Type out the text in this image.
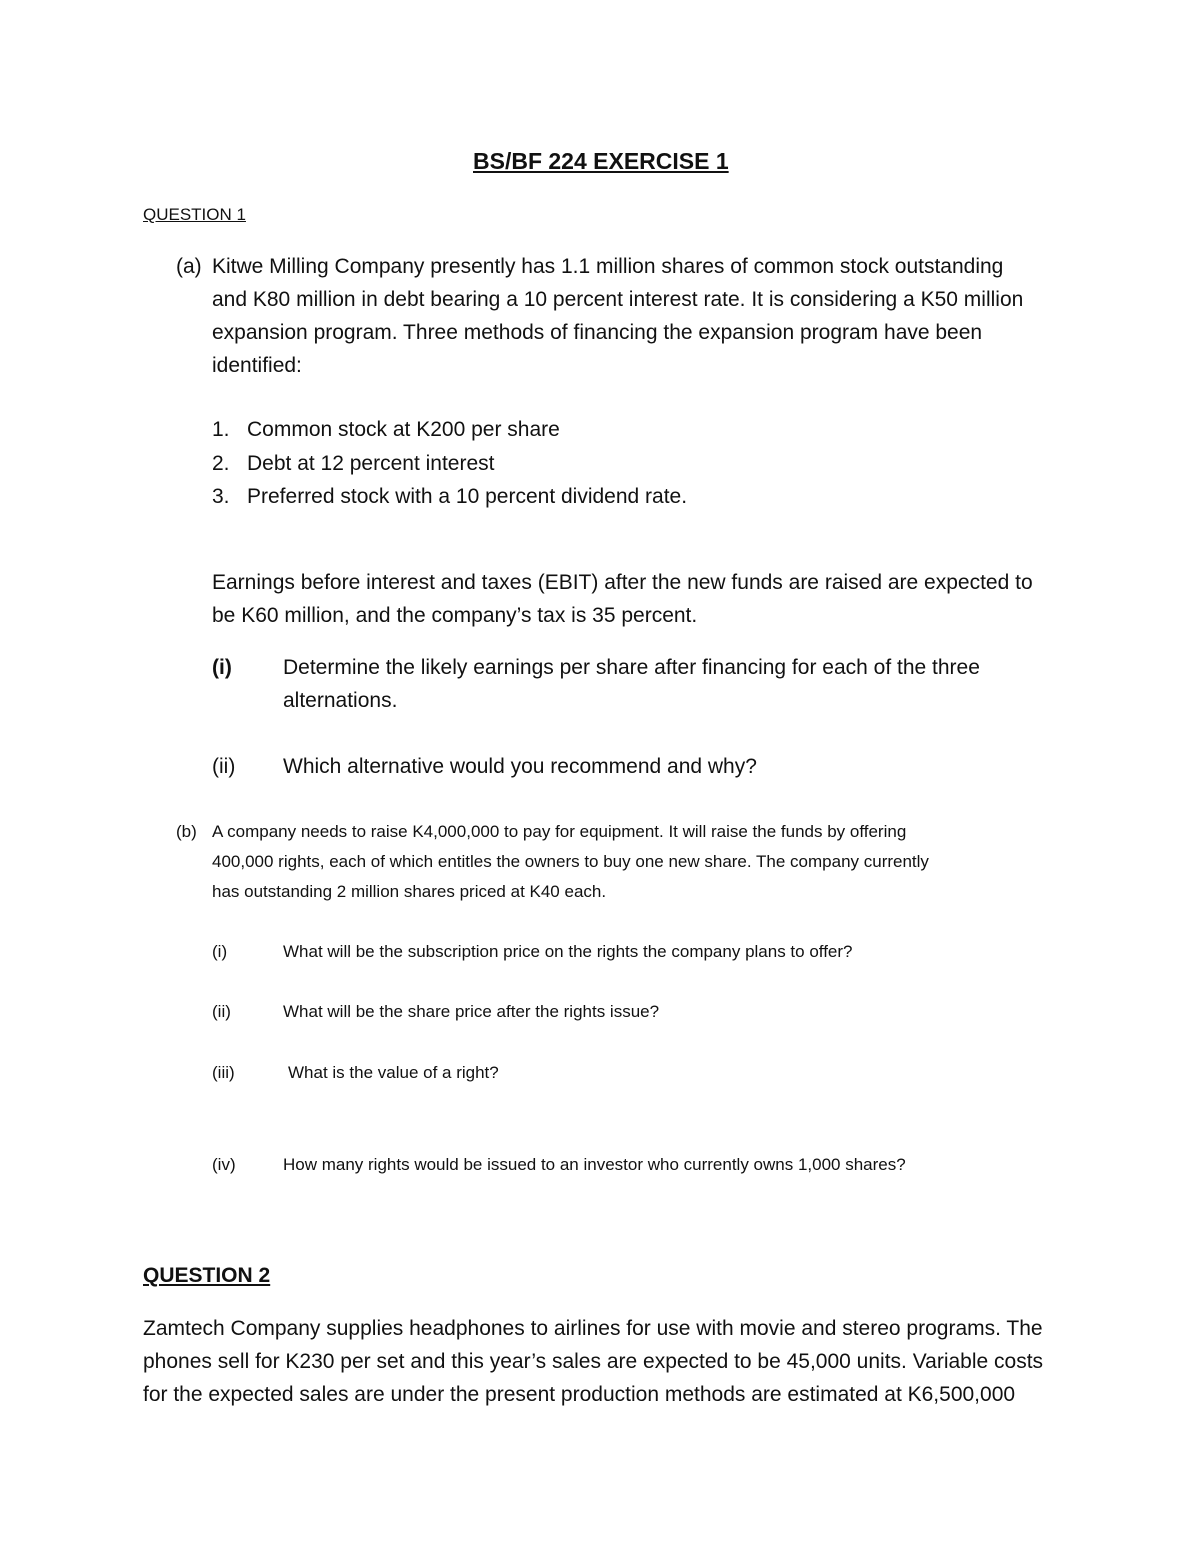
BS/BF 224 EXERCISE 1
QUESTION 1
(a) Kitwe Milling Company presently has 1.1 million shares of common stock outstanding
and K80 million in debt bearing a 10 percent interest rate. It is considering a K50 million
expansion program. Three methods of financing the expansion program have been
identified:
1. Common stock at K200 per share
2. Debt at 12 percent interest
3. Preferred stock with a 10 percent dividend rate.
Earnings before interest and taxes (EBIT) after the new funds are raised are expected to
be K60 million, and the company’s tax is 35 percent.
(i) Determine the likely earnings per share after financing for each of the three
alternations.
(ii) Which alternative would you recommend and why?
(b) A company needs to raise K4,000,000 to pay for equipment. It will raise the funds by offering
400,000 rights, each of which entitles the owners to buy one new share. The company currently
has outstanding 2 million shares priced at K40 each.
(i)	What will be the subscription price on the rights the company plans to offer?
(ii)	What will be the share price after the rights issue?
(iii)	What is the value of a right?
(iv)	How many rights would be issued to an investor who currently owns 1,000 shares?
QUESTION 2
Zamtech Company supplies headphones to airlines for use with movie and stereo programs. The
phones sell for K230 per set and this year’s sales are expected to be 45,000 units. Variable costs
for the expected sales are under the present production methods are estimated at K6,500,000
